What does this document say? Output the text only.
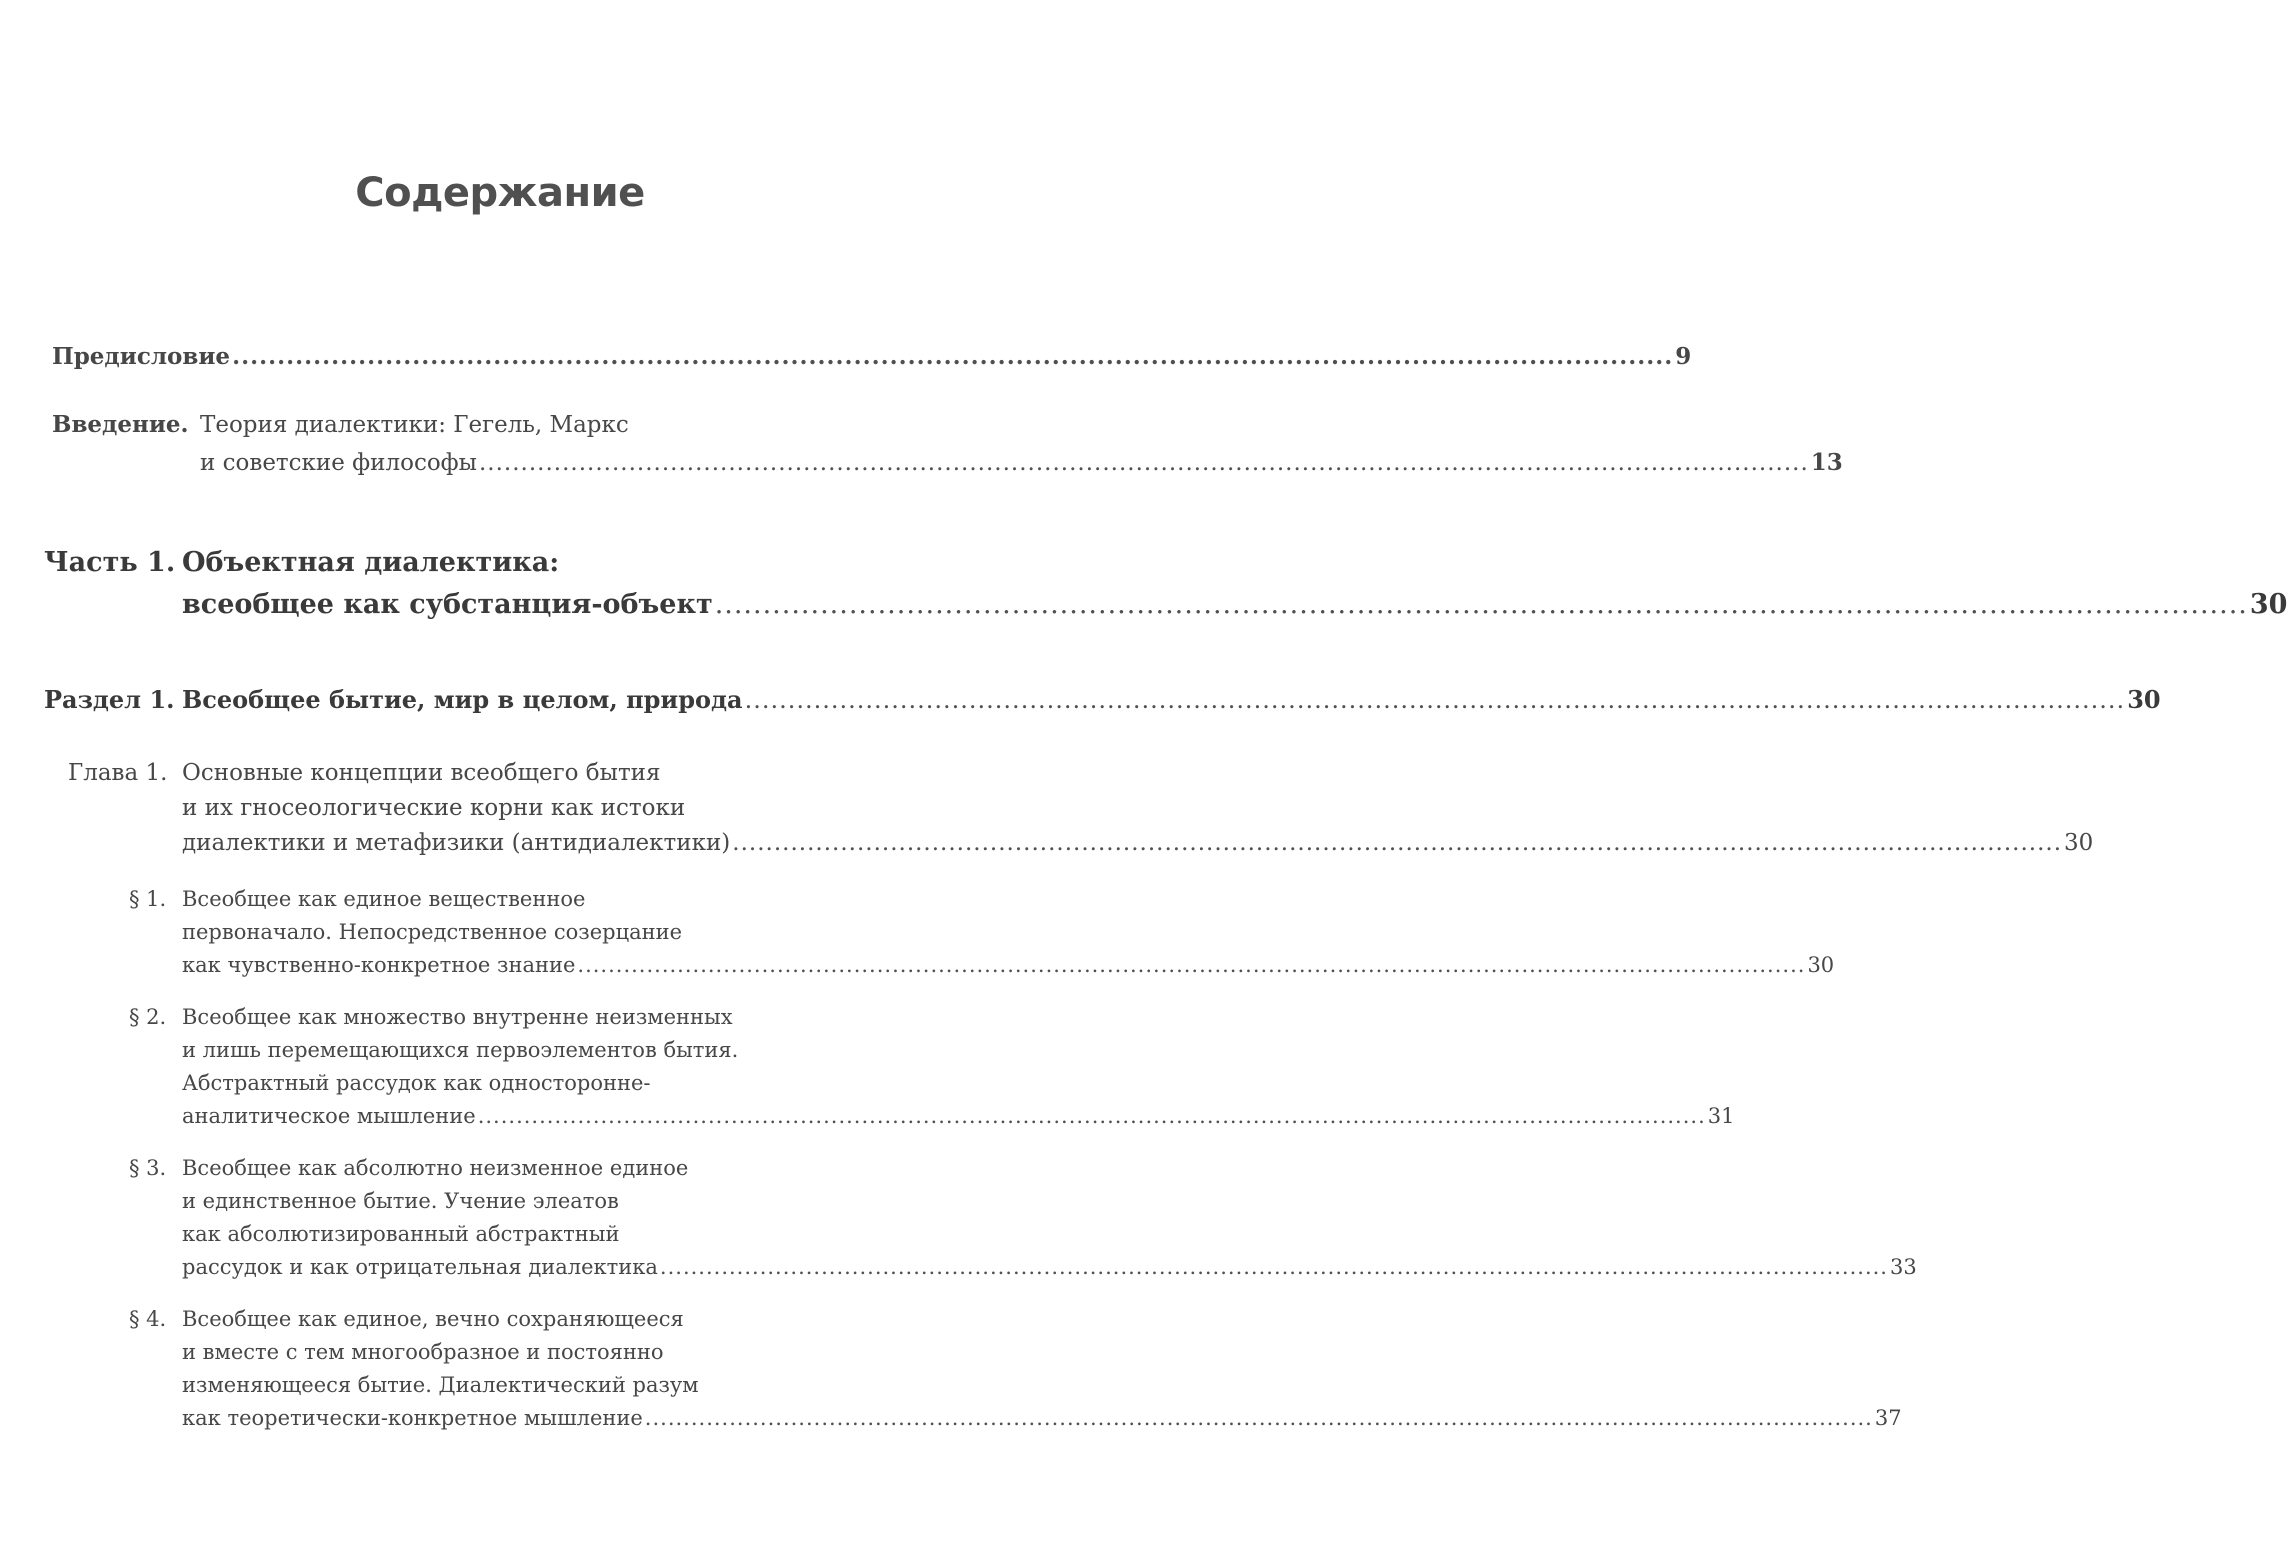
Содержание
Предисловие ................................................................................................................................................................ 9
Введение. Теория диалектики: Гегель, Маркс
и советские философы ................................................................................................................................................................ 13
Часть 1. Объектная диалектика:
всеобщее как субстанция-объект ................................................................................................................................................................ 30
Раздел 1. Всеобщее бытие, мир в целом, природа ................................................................................................................................................................ 30
Глава 1. Основные концепции всеобщего бытия
и их гносеологические корни как истоки
диалектики и метафизики (антидиалектики) ................................................................................................................................................................ 30
§ 1. Всеобщее как единое вещественное
первоначало. Непосредственное созерцание
как чувственно-конкретное знание ................................................................................................................................................................ 30
§ 2. Всеобщее как множество внутренне неизменных
и лишь перемещающихся первоэлементов бытия.
Абстрактный рассудок как односторонне-
аналитическое мышление ................................................................................................................................................................ 31
§ 3. Всеобщее как абсолютно неизменное единое
и единственное бытие. Учение элеатов
как абсолютизированный абстрактный
рассудок и как отрицательная диалектика ................................................................................................................................................................ 33
§ 4. Всеобщее как единое, вечно сохраняющееся
и вместе с тем многообразное и постоянно
изменяющееся бытие. Диалектический разум
как теоретически-конкретное мышление ................................................................................................................................................................ 37
